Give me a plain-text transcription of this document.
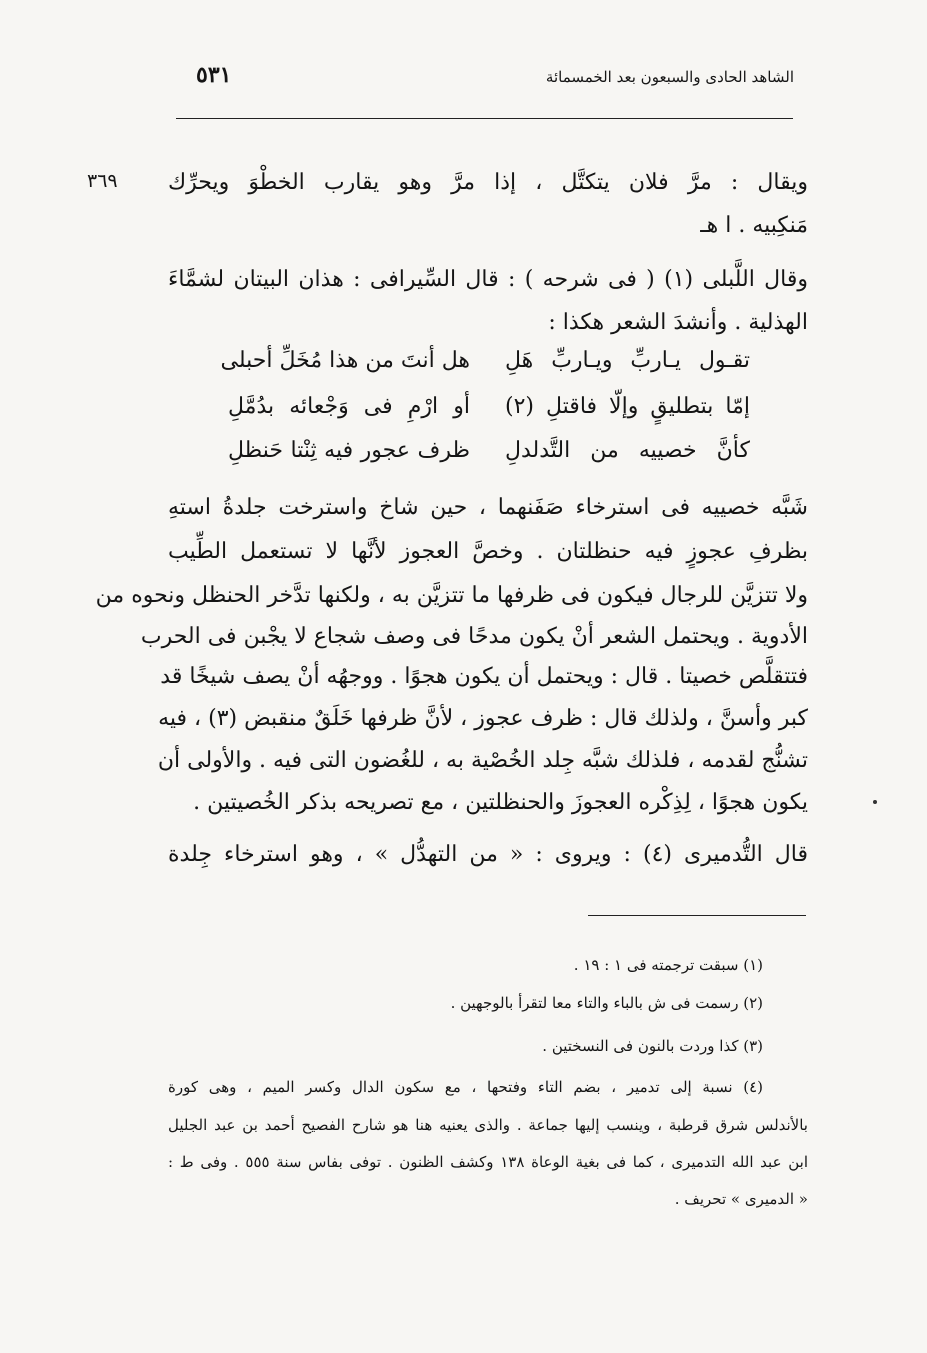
الشاهد الحادى والسبعون بعد الخمسمائة
٥٣١
٣٦٩	ويقال : مرَّ فلان يتكتَّل ، إذا مرَّ وهو يقارب الخطْوَ ويحرِّك
مَنكِبيه . ا هـ
وقال اللَّبلى (١) ( فى شرحه ) : قال السِّيرافى : هذان البيتان لشمَّاءَ
الهذلية . وأنشدَ الشعر هكذا :
تقـول يـاربِّ ويـاربِّ هَلِ
هل أنتَ من هذا مُخَلِّ أحبلى
إمّا بتطليقٍ وإلّا فاقتلِ (٢)
أو ارْمِ فى وَجْعائه بدُمَّلِ
كأنَّ خصييه من التَّدلدلِ
ظرف عجور فيه ثِنْتا حَنظلِ
شَبَّه خصييه فى استرخاء صَفَنهما ، حين شاخ واسترخت جلدةُ استهِ
بظرفِ عجوزٍ فيه حنظلتان . وخصَّ العجوز لأنَّها لا تستعمل الطِّيب
ولا تتزيَّن للرجال فيكون فى ظرفها ما تتزيَّن به ، ولكنها تدَّخر الحنظل ونحوه من
الأدوية . ويحتمل الشعر أنْ يكون مدحًا فى وصف شجاع لا يجْبن فى الحرب
فتتقلَّص خصيتا . قال : ويحتمل أن يكون هجوًا . ووجهُه أنْ يصف شيخًا قد
كبر وأسنَّ ، ولذلك قال : ظرف عجوز ، لأنَّ ظرفها خَلَقٌ منقبض (٣) ، فيه
تشنُّج لقدمه ، فلذلك شبَّه جِلد الخُصْية به ، للغُضون التى فيه . والأولى أن
يكون هجوًا ، لِذِكْره العجوزَ والحنظلتين ، مع تصريحه بذكر الخُصيتين .
قال التُّدميرى (٤) : ويروى : « من التهدُّل » ، وهو استرخاء جِلدة
(١) سبقت ترجمته فى ١ : ١٩ .
(٢) رسمت فى ش بالباء والتاء معا لتقرأ بالوجهين .
(٣) كذا وردت بالنون فى النسختين .
(٤) نسبة إلى تدمير ، بضم التاء وفتحها ، مع سكون الدال وكسر الميم ، وهى كورة
بالأندلس شرق قرطبة ، وينسب إليها جماعة . والذى يعنيه هنا هو شارح الفصيح أحمد بن عبد الجليل
ابن عبد الله التدميرى ، كما فى بغية الوعاة ١٣٨ وكشف الظنون . توفى بفاس سنة ٥٥٥ . وفى ط :
« الدميرى » تحريف .
